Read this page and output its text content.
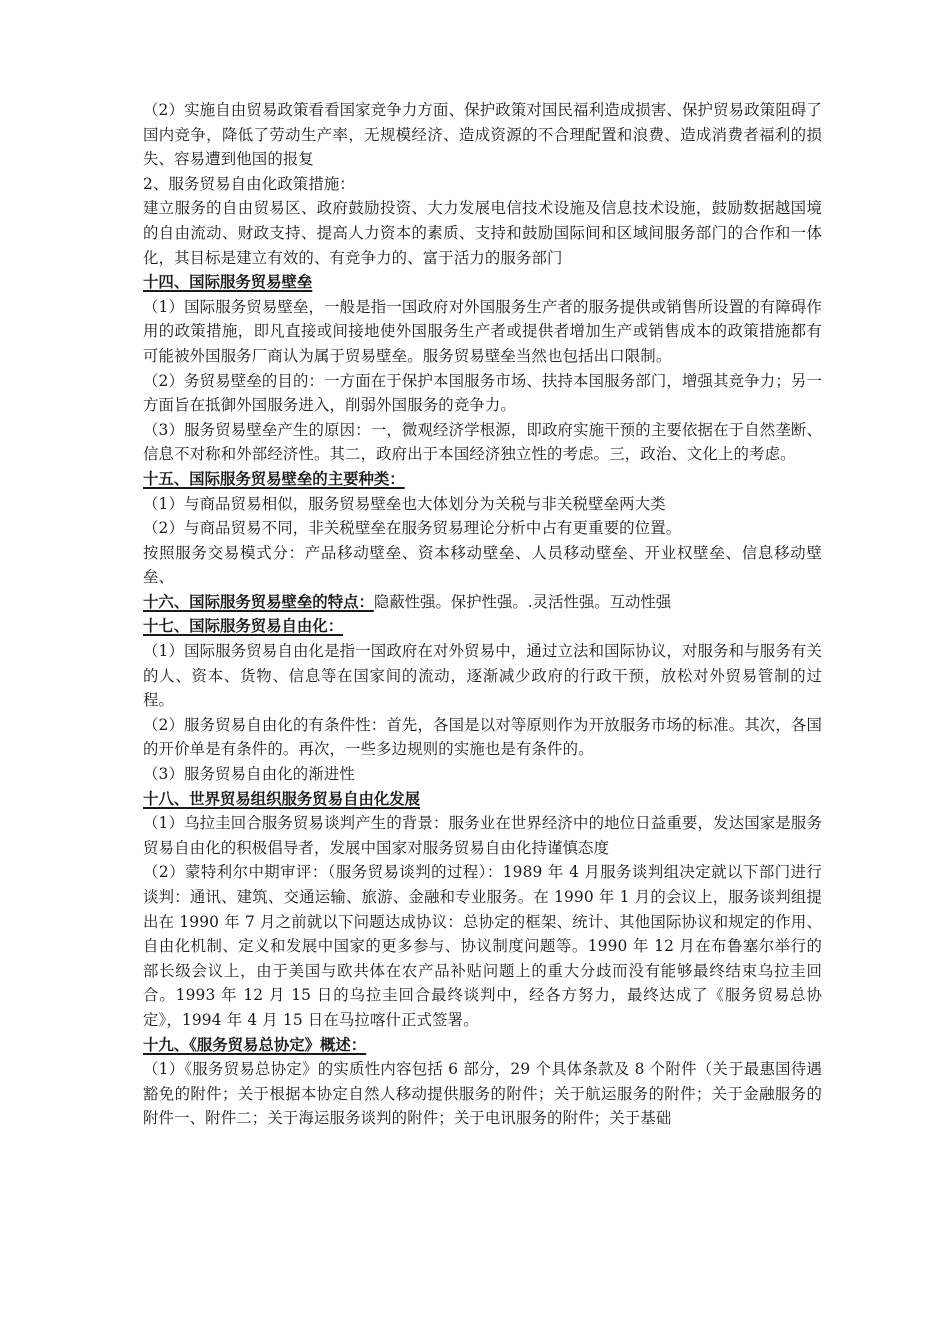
（2）实施自由贸易政策看看国家竞争力方面、保护政策对国民福利造成损害、保护贸易政策阻碍了国内竞争，降低了劳动生产率，无规模经济、造成资源的不合理配置和浪费、造成消费者福利的损失、容易遭到他国的报复

2、服务贸易自由化政策措施：

建立服务的自由贸易区、政府鼓励投资、大力发展电信技术设施及信息技术设施，鼓励数据越国境的自由流动、财政支持、提高人力资本的素质、支持和鼓励国际间和区域间服务部门的合作和一体化，其目标是建立有效的、有竞争力的、富于活力的服务部门

十四、国际服务贸易壁垒

（1）国际服务贸易壁垒，一般是指一国政府对外国服务生产者的服务提供或销售所设置的有障碍作用的政策措施，即凡直接或间接地使外国服务生产者或提供者增加生产或销售成本的政策措施都有可能被外国服务厂商认为属于贸易壁垒。服务贸易壁垒当然也包括出口限制。

（2）务贸易壁垒的目的：一方面在于保护本国服务市场、扶持本国服务部门，增强其竞争力；另一方面旨在抵御外国服务进入，削弱外国服务的竞争力。

（3）服务贸易壁垒产生的原因：一，微观经济学根源，即政府实施干预的主要依据在于自然垄断、信息不对称和外部经济性。其二，政府出于本国经济独立性的考虑。三，政治、文化上的考虑。

十五、国际服务贸易壁垒的主要种类：

（1）与商品贸易相似，服务贸易壁垒也大体划分为关税与非关税壁垒两大类

（2）与商品贸易不同，非关税壁垒在服务贸易理论分析中占有更重要的位置。

按照服务交易模式分：产品移动壁垒、资本移动壁垒、人员移动壁垒、开业权壁垒、信息移动壁垒、

十六、国际服务贸易壁垒的特点：隐蔽性强。保护性强。.灵活性强。互动性强

十七、国际服务贸易自由化：

（1）国际服务贸易自由化是指一国政府在对外贸易中，通过立法和国际协议，对服务和与服务有关的人、资本、货物、信息等在国家间的流动，逐渐减少政府的行政干预，放松对外贸易管制的过程。

（2）服务贸易自由化的有条件性：首先，各国是以对等原则作为开放服务市场的标准。其次，各国的开价单是有条件的。再次，一些多边规则的实施也是有条件的。

（3）服务贸易自由化的渐进性

十八、世界贸易组织服务贸易自由化发展

（1）乌拉圭回合服务贸易谈判产生的背景：服务业在世界经济中的地位日益重要，发达国家是服务贸易自由化的积极倡导者，发展中国家对服务贸易自由化持谨慎态度

（2）蒙特利尔中期审评：（服务贸易谈判的过程）：1989 年 4 月服务谈判组决定就以下部门进行谈判：通讯、建筑、交通运输、旅游、金融和专业服务。在 1990 年 1 月的会议上，服务谈判组提出在 1990 年 7 月之前就以下问题达成协议：总协定的框架、统计、其他国际协议和规定的作用、自由化机制、定义和发展中国家的更多参与、协议制度问题等。1990 年 12 月在布鲁塞尔举行的部长级会议上，由于美国与欧共体在农产品补贴问题上的重大分歧而没有能够最终结束乌拉圭回合。1993 年 12 月 15 日的乌拉圭回合最终谈判中，经各方努力，最终达成了《服务贸易总协定》，1994 年 4 月 15 日在马拉喀什正式签署。

十九、《服务贸易总协定》概述：

（1）《服务贸易总协定》的实质性内容包括 6 部分，29 个具体条款及 8 个附件（关于最惠国待遇豁免的附件；关于根据本协定自然人移动提供服务的附件；关于航运服务的附件；关于金融服务的附件一、附件二；关于海运服务谈判的附件；关于电讯服务的附件；关于基础
